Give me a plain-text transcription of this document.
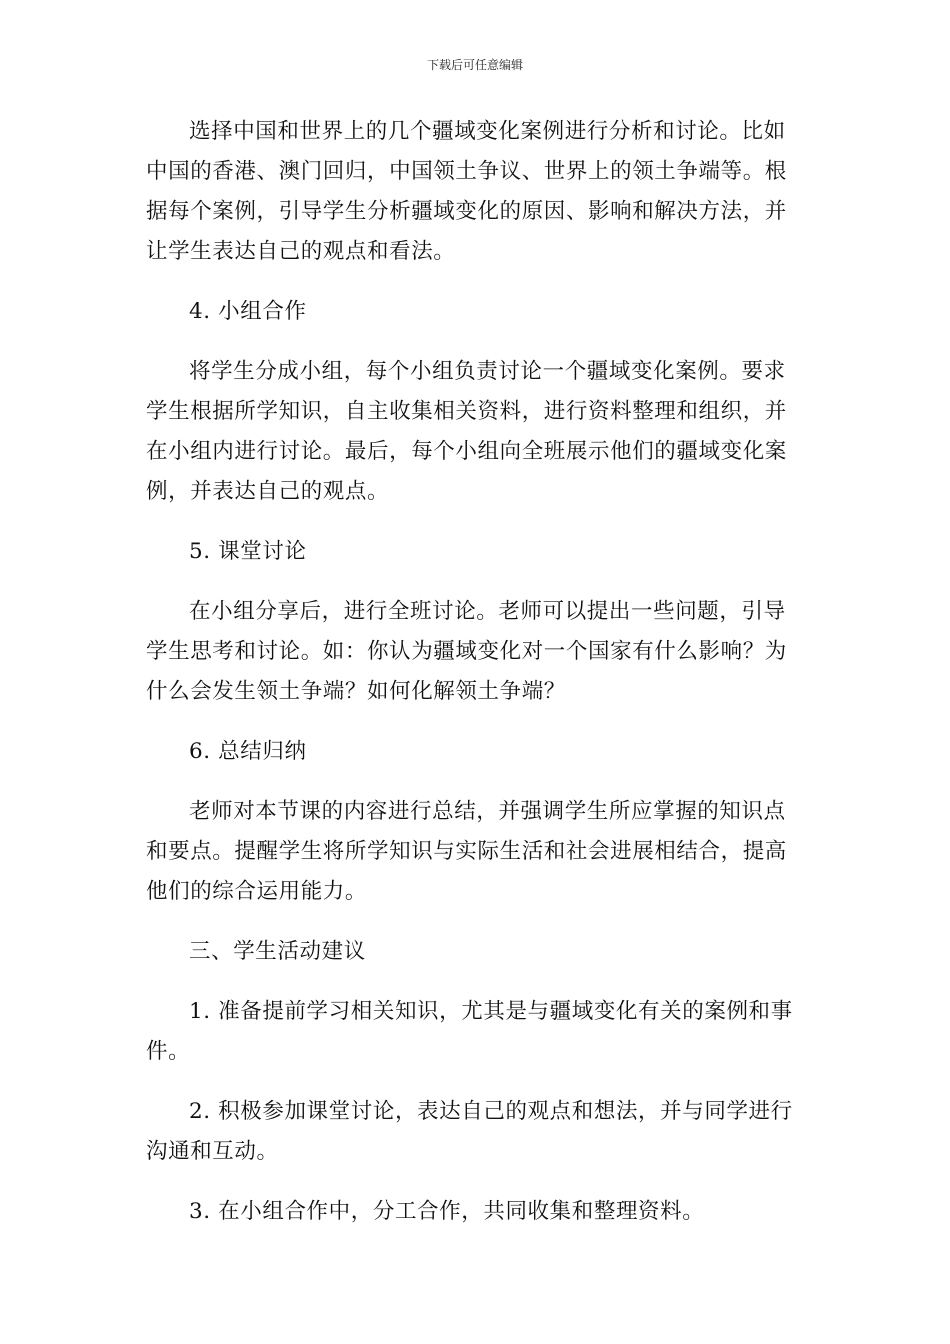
下载后可任意编辑

选择中国和世界上的几个疆域变化案例进行分析和讨论。比如中国的香港、澳门回归，中国领土争议、世界上的领土争端等。根据每个案例，引导学生分析疆域变化的原因、影响和解决方法，并让学生表达自己的观点和看法。

4. 小组合作

将学生分成小组，每个小组负责讨论一个疆域变化案例。要求学生根据所学知识，自主收集相关资料，进行资料整理和组织，并在小组内进行讨论。最后，每个小组向全班展示他们的疆域变化案例，并表达自己的观点。

5. 课堂讨论

在小组分享后，进行全班讨论。老师可以提出一些问题，引导学生思考和讨论。如：你认为疆域变化对一个国家有什么影响？为什么会发生领土争端？如何化解领土争端？

6. 总结归纳

老师对本节课的内容进行总结，并强调学生所应掌握的知识点和要点。提醒学生将所学知识与实际生活和社会进展相结合，提高他们的综合运用能力。

三、学生活动建议

1. 准备提前学习相关知识，尤其是与疆域变化有关的案例和事件。

2. 积极参加课堂讨论，表达自己的观点和想法，并与同学进行沟通和互动。

3. 在小组合作中，分工合作，共同收集和整理资料。
